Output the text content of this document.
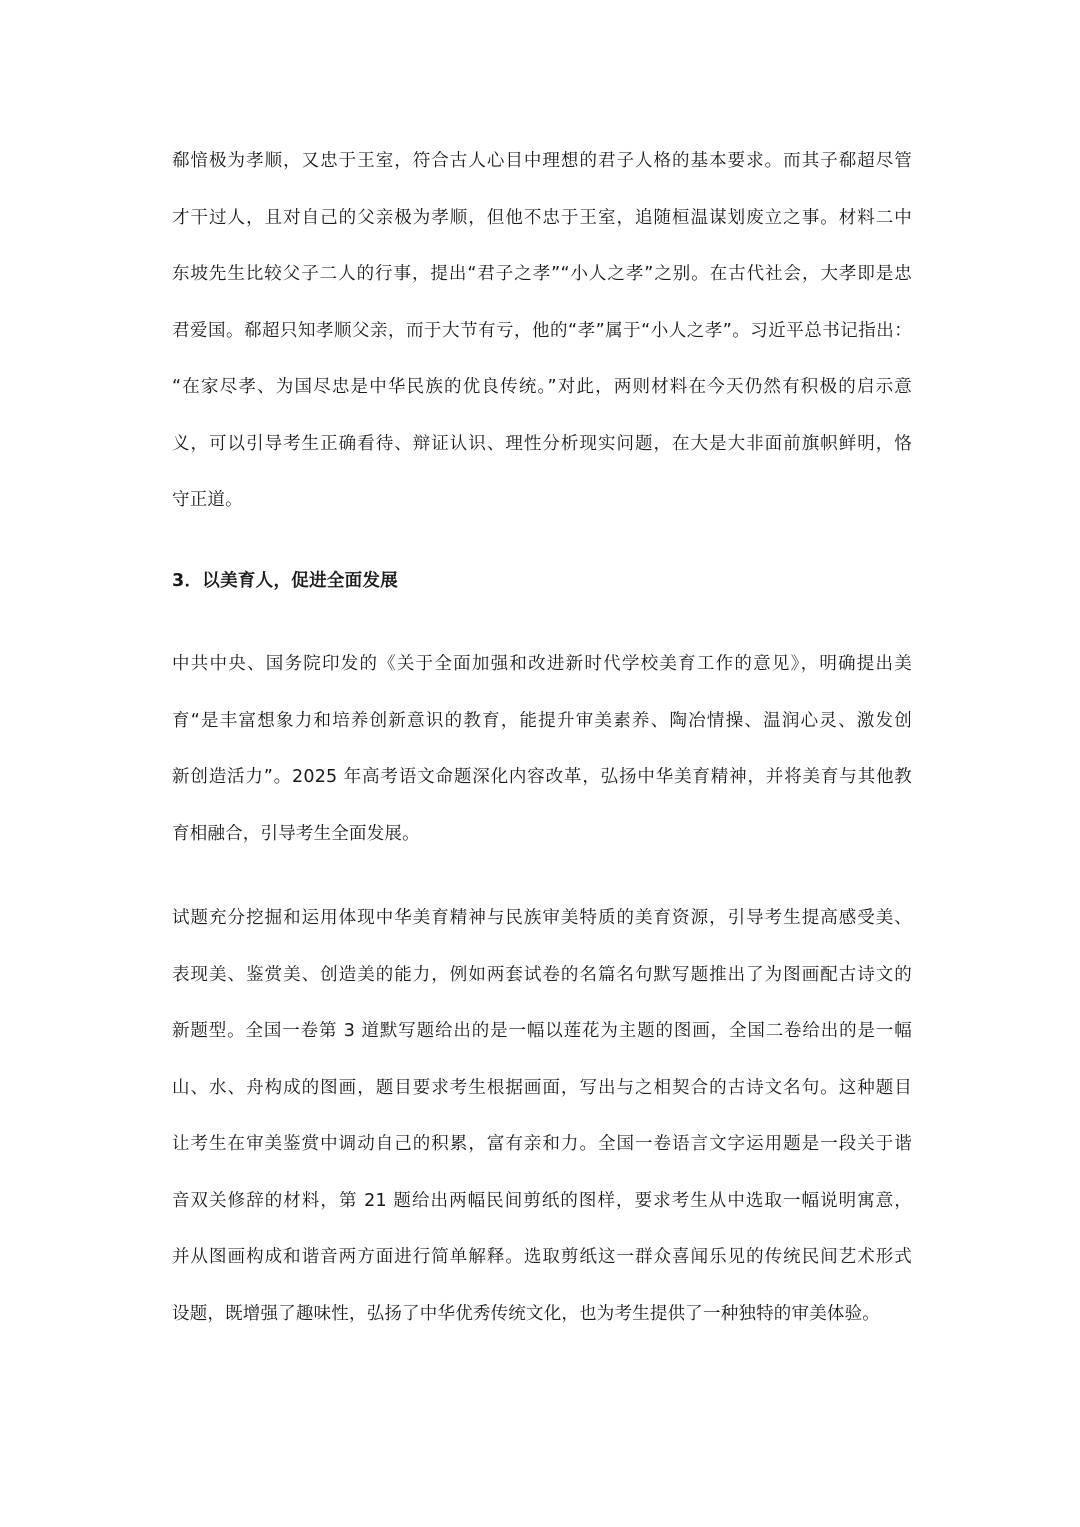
郗愔极为孝顺，又忠于王室，符合古人心目中理想的君子人格的基本要求。而其子郗超尽管
才干过人，且对自己的父亲极为孝顺，但他不忠于王室，追随桓温谋划废立之事。材料二中
东坡先生比较父子二人的行事，提出“君子之孝”“小人之孝”之别。在古代社会，大孝即是忠
君爱国。郗超只知孝顺父亲，而于大节有亏，他的“孝”属于“小人之孝”。习近平总书记指出：
“在家尽孝、为国尽忠是中华民族的优良传统。”对此，两则材料在今天仍然有积极的启示意
义，可以引导考生正确看待、辩证认识、理性分析现实问题，在大是大非面前旗帜鲜明，恪
守正道。
3．以美育人，促进全面发展
中共中央、国务院印发的《关于全面加强和改进新时代学校美育工作的意见》，明确提出美
育“是丰富想象力和培养创新意识的教育，能提升审美素养、陶冶情操、温润心灵、激发创
新创造活力”。2025 年高考语文命题深化内容改革，弘扬中华美育精神，并将美育与其他教
育相融合，引导考生全面发展。
试题充分挖掘和运用体现中华美育精神与民族审美特质的美育资源，引导考生提高感受美、
表现美、鉴赏美、创造美的能力，例如两套试卷的名篇名句默写题推出了为图画配古诗文的
新题型。全国一卷第 3 道默写题给出的是一幅以莲花为主题的图画，全国二卷给出的是一幅
山、水、舟构成的图画，题目要求考生根据画面，写出与之相契合的古诗文名句。这种题目
让考生在审美鉴赏中调动自己的积累，富有亲和力。全国一卷语言文字运用题是一段关于谐
音双关修辞的材料，第 21 题给出两幅民间剪纸的图样，要求考生从中选取一幅说明寓意，
并从图画构成和谐音两方面进行简单解释。选取剪纸这一群众喜闻乐见的传统民间艺术形式
设题，既增强了趣味性，弘扬了中华优秀传统文化，也为考生提供了一种独特的审美体验。
